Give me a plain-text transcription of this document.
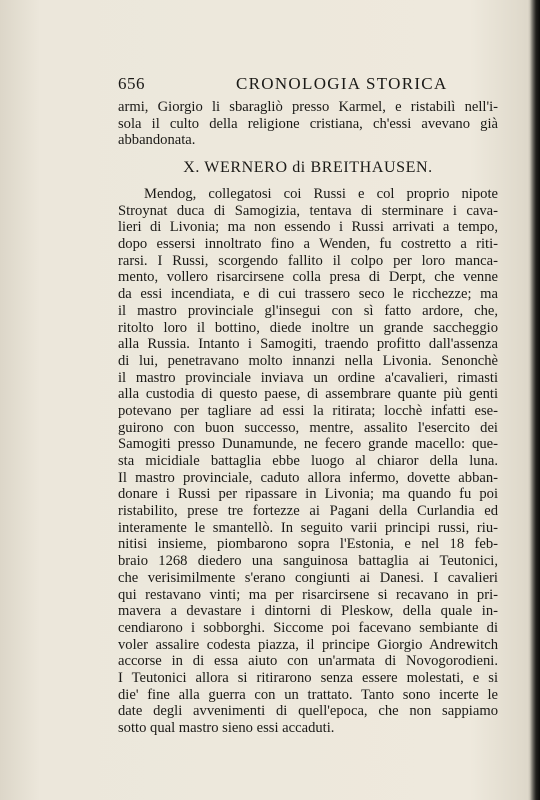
656	CRONOLOGIA STORICA
armi, Giorgio li sbaragliò presso Karmel, e ristabilì nell'i-
sola il culto della religione cristiana, ch'essi avevano già
abbandonata.
X. WERNERO di BREITHAUSEN.
Mendog, collegatosi coi Russi e col proprio nipote
Stroynat duca di Samogizia, tentava di sterminare i cava-
lieri di Livonia; ma non essendo i Russi arrivati a tempo,
dopo essersi innoltrato fino a Wenden, fu costretto a riti-
rarsi. I Russi, scorgendo fallito il colpo per loro manca-
mento, vollero risarcirsene colla presa di Derpt, che venne
da essi incendiata, e di cui trassero seco le ricchezze; ma
il mastro provinciale gl'insegui con sì fatto ardore, che,
ritolto loro il bottino, diede inoltre un grande saccheggio
alla Russia. Intanto i Samogiti, traendo profitto dall'assenza
di lui, penetravano molto innanzi nella Livonia. Senonchè
il mastro provinciale inviava un ordine a'cavalieri, rimasti
alla custodia di questo paese, di assembrare quante più genti
potevano per tagliare ad essi la ritirata; locchè infatti ese-
guirono con buon successo, mentre, assalito l'esercito dei
Samogiti presso Dunamunde, ne fecero grande macello: que-
sta micidiale battaglia ebbe luogo al chiaror della luna.
Il mastro provinciale, caduto allora infermo, dovette abban-
donare i Russi per ripassare in Livonia; ma quando fu poi
ristabilito, prese tre fortezze ai Pagani della Curlandia ed
interamente le smantellò. In seguito varii principi russi, riu-
nitisi insieme, piombarono sopra l'Estonia, e nel 18 feb-
braio 1268 diedero una sanguinosa battaglia ai Teutonici,
che verisimilmente s'erano congiunti ai Danesi. I cavalieri
qui restavano vinti; ma per risarcirsene si recavano in pri-
mavera a devastare i dintorni di Pleskow, della quale in-
cendiarono i sobborghi. Siccome poi facevano sembiante di
voler assalire codesta piazza, il principe Giorgio Andrewitch
accorse in di essa aiuto con un'armata di Novogorodieni.
I Teutonici allora si ritirarono senza essere molestati, e si
die' fine alla guerra con un trattato. Tanto sono incerte le
date degli avvenimenti di quell'epoca, che non sappiamo
sotto qual mastro sieno essi accaduti.
